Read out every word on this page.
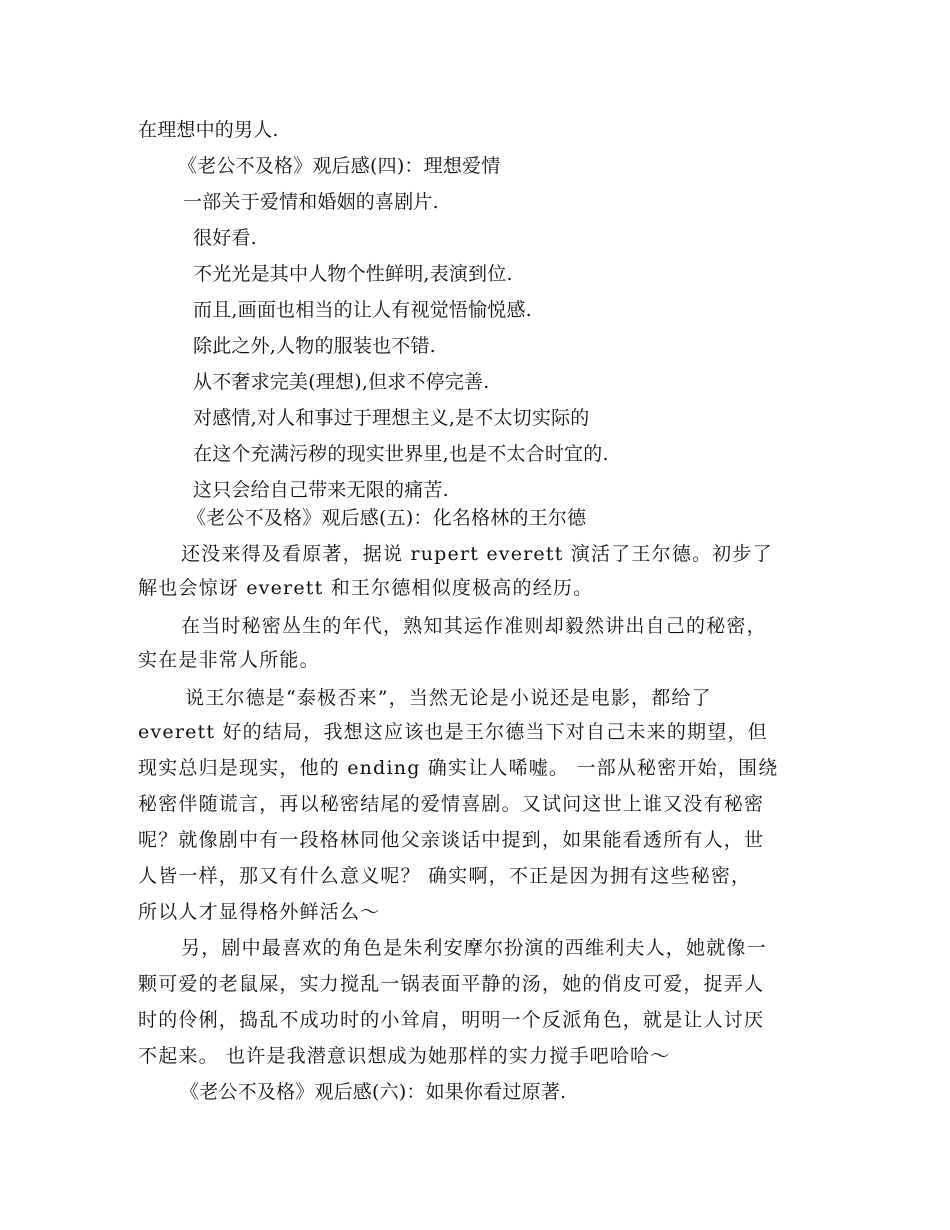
在理想中的男人.
《老公不及格》观后感(四)：理想爱情
一部关于爱情和婚姻的喜剧片.
很好看.
不光光是其中人物个性鲜明,表演到位.
而且,画面也相当的让人有视觉悟愉悦感.
除此之外,人物的服装也不错.
从不奢求完美(理想),但求不停完善.
对感情,对人和事过于理想主义,是不太切实际的
在这个充满污秽的现实世界里,也是不太合时宜的.
这只会给自己带来无限的痛苦.
《老公不及格》观后感(五)：化名格林的王尔德
还没来得及看原著，据说 rupert everett 演活了王尔德。初步了
解也会惊讶 everett 和王尔德相似度极高的经历。
在当时秘密丛生的年代，熟知其运作准则却毅然讲出自己的秘密，
实在是非常人所能。
说王尔德是“泰极否来”，当然无论是小说还是电影，都给了
everett 好的结局，我想这应该也是王尔德当下对自己未来的期望，但
现实总归是现实，他的 ending 确实让人唏嘘。 一部从秘密开始，围绕
秘密伴随谎言，再以秘密结尾的爱情喜剧。又试问这世上谁又没有秘密
呢？就像剧中有一段格林同他父亲谈话中提到，如果能看透所有人，世
人皆一样，那又有什么意义呢？ 确实啊，不正是因为拥有这些秘密，
所以人才显得格外鲜活么～
另，剧中最喜欢的角色是朱利安摩尔扮演的西维利夫人，她就像一
颗可爱的老鼠屎，实力搅乱一锅表面平静的汤，她的俏皮可爱，捉弄人
时的伶俐，捣乱不成功时的小耸肩，明明一个反派角色，就是让人讨厌
不起来。 也许是我潜意识想成为她那样的实力搅手吧哈哈～
《老公不及格》观后感(六)：如果你看过原著.
